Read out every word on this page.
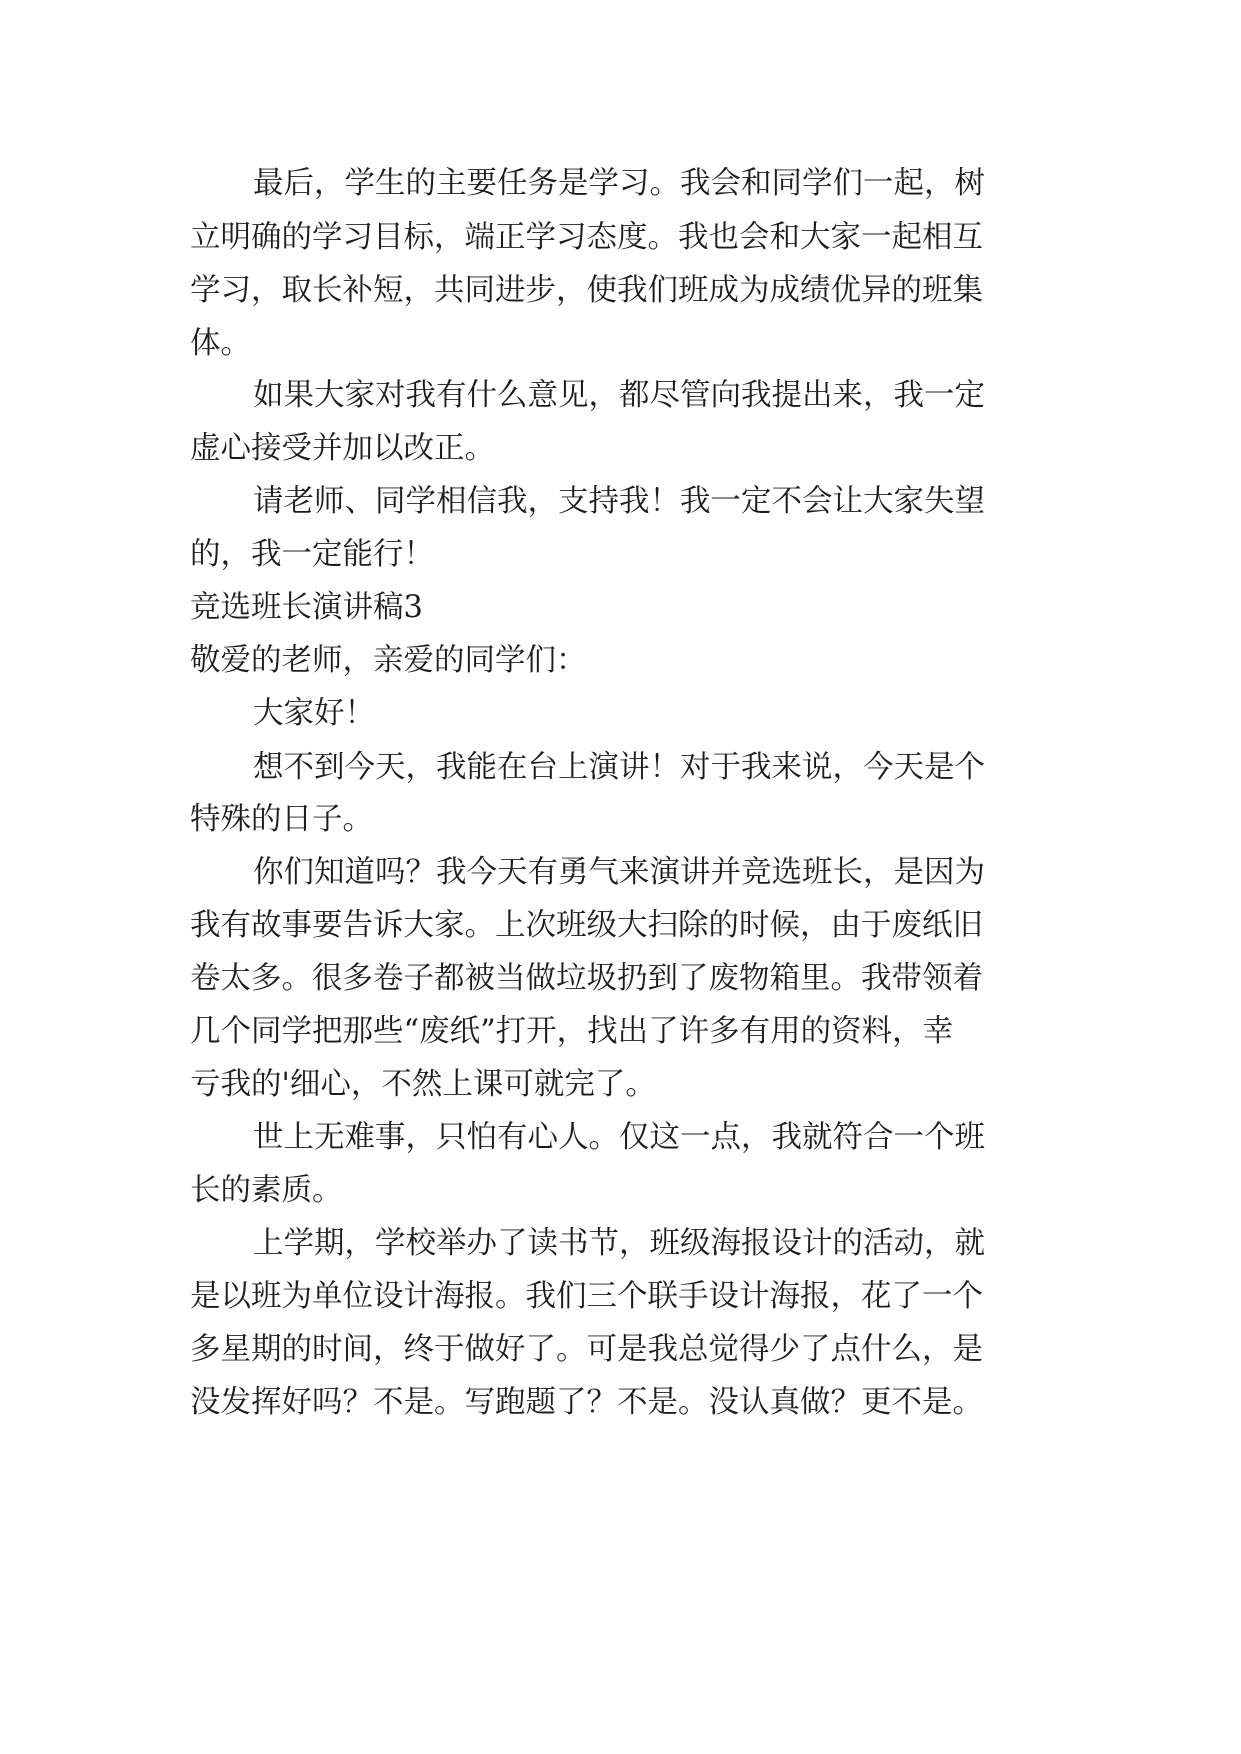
最后，学生的主要任务是学习。我会和同学们一起，树
立明确的学习目标，端正学习态度。我也会和大家一起相互
学习，取长补短，共同进步，使我们班成为成绩优异的班集
体。
如果大家对我有什么意见，都尽管向我提出来，我一定
虚心接受并加以改正。
请老师、同学相信我，支持我！我一定不会让大家失望
的，我一定能行！
竞选班长演讲稿3
敬爱的老师，亲爱的同学们：
大家好！
想不到今天，我能在台上演讲！对于我来说，今天是个
特殊的日子。
你们知道吗？我今天有勇气来演讲并竞选班长，是因为
我有故事要告诉大家。上次班级大扫除的时候，由于废纸旧
卷太多。很多卷子都被当做垃圾扔到了废物箱里。我带领着
几个同学把那些“废纸”打开，找出了许多有用的资料，幸
亏我的'细心，不然上课可就完了。
世上无难事，只怕有心人。仅这一点，我就符合一个班
长的素质。
上学期，学校举办了读书节，班级海报设计的活动，就
是以班为单位设计海报。我们三个联手设计海报，花了一个
多星期的时间，终于做好了。可是我总觉得少了点什么，是
没发挥好吗？不是。写跑题了？不是。没认真做？更不是。
